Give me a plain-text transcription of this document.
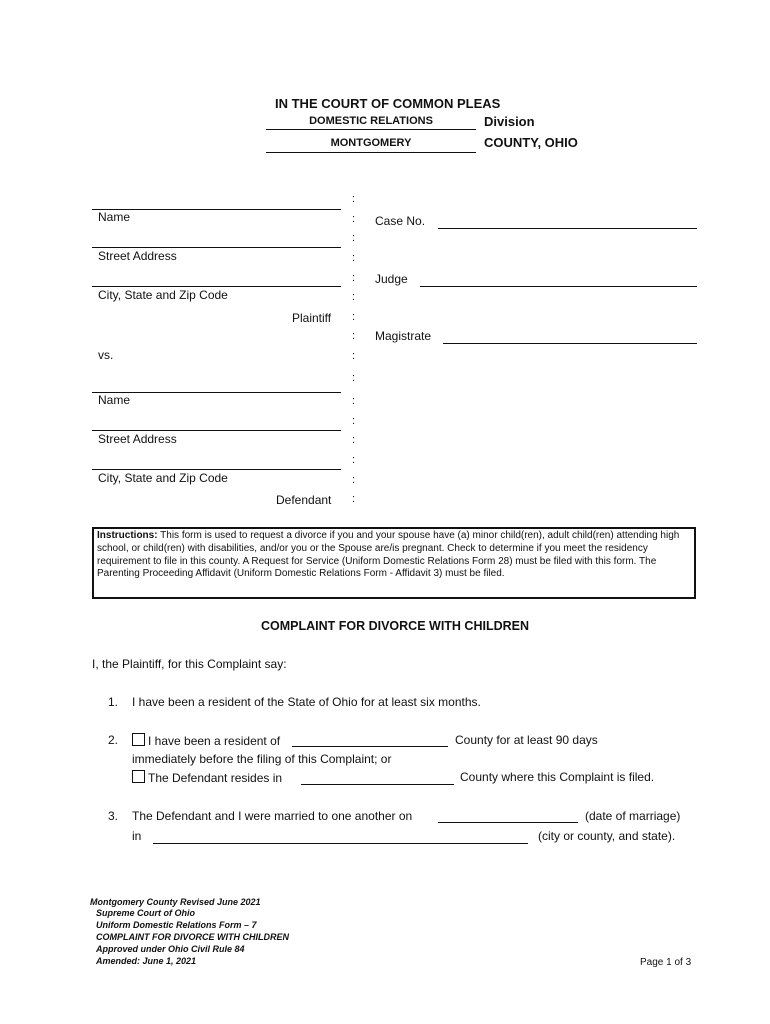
IN THE COURT OF COMMON PLEAS
DOMESTIC RELATIONS	Division
MONTGOMERY	COUNTY, OHIO
Name
Street Address
City, State and Zip Code
Plaintiff
vs.
Name
Street Address
City, State and Zip Code
Defendant
:
:
:
:
:
:
:
:
:
:
:
:
:
:
:
:
Case No.
Judge
Magistrate
Instructions: This form is used to request a divorce if you and your spouse have (a) minor child(ren), adult child(ren) attending high school, or child(ren) with disabilities, and/or you or the Spouse are/is pregnant. Check to determine if you meet the residency requirement to file in this county. A Request for Service (Uniform Domestic Relations Form 28) must be filed with this form. The Parenting Proceeding Affidavit (Uniform Domestic Relations Form - Affidavit 3) must be filed.
COMPLAINT FOR DIVORCE WITH CHILDREN
I, the Plaintiff, for this Complaint say:
1. I have been a resident of the State of Ohio for at least six months.
2.	I have been a resident of	County for at least 90 days
immediately before the filing of this Complaint; or
The Defendant resides in	County where this Complaint is filed.
3. The Defendant and I were married to one another on	(date of marriage)
in	(city or county, and state).
Montgomery County Revised June 2021
Supreme Court of Ohio
Uniform Domestic Relations Form – 7
COMPLAINT FOR DIVORCE WITH CHILDREN
Approved under Ohio Civil Rule 84
Amended: June 1, 2021	Page 1 of 3
